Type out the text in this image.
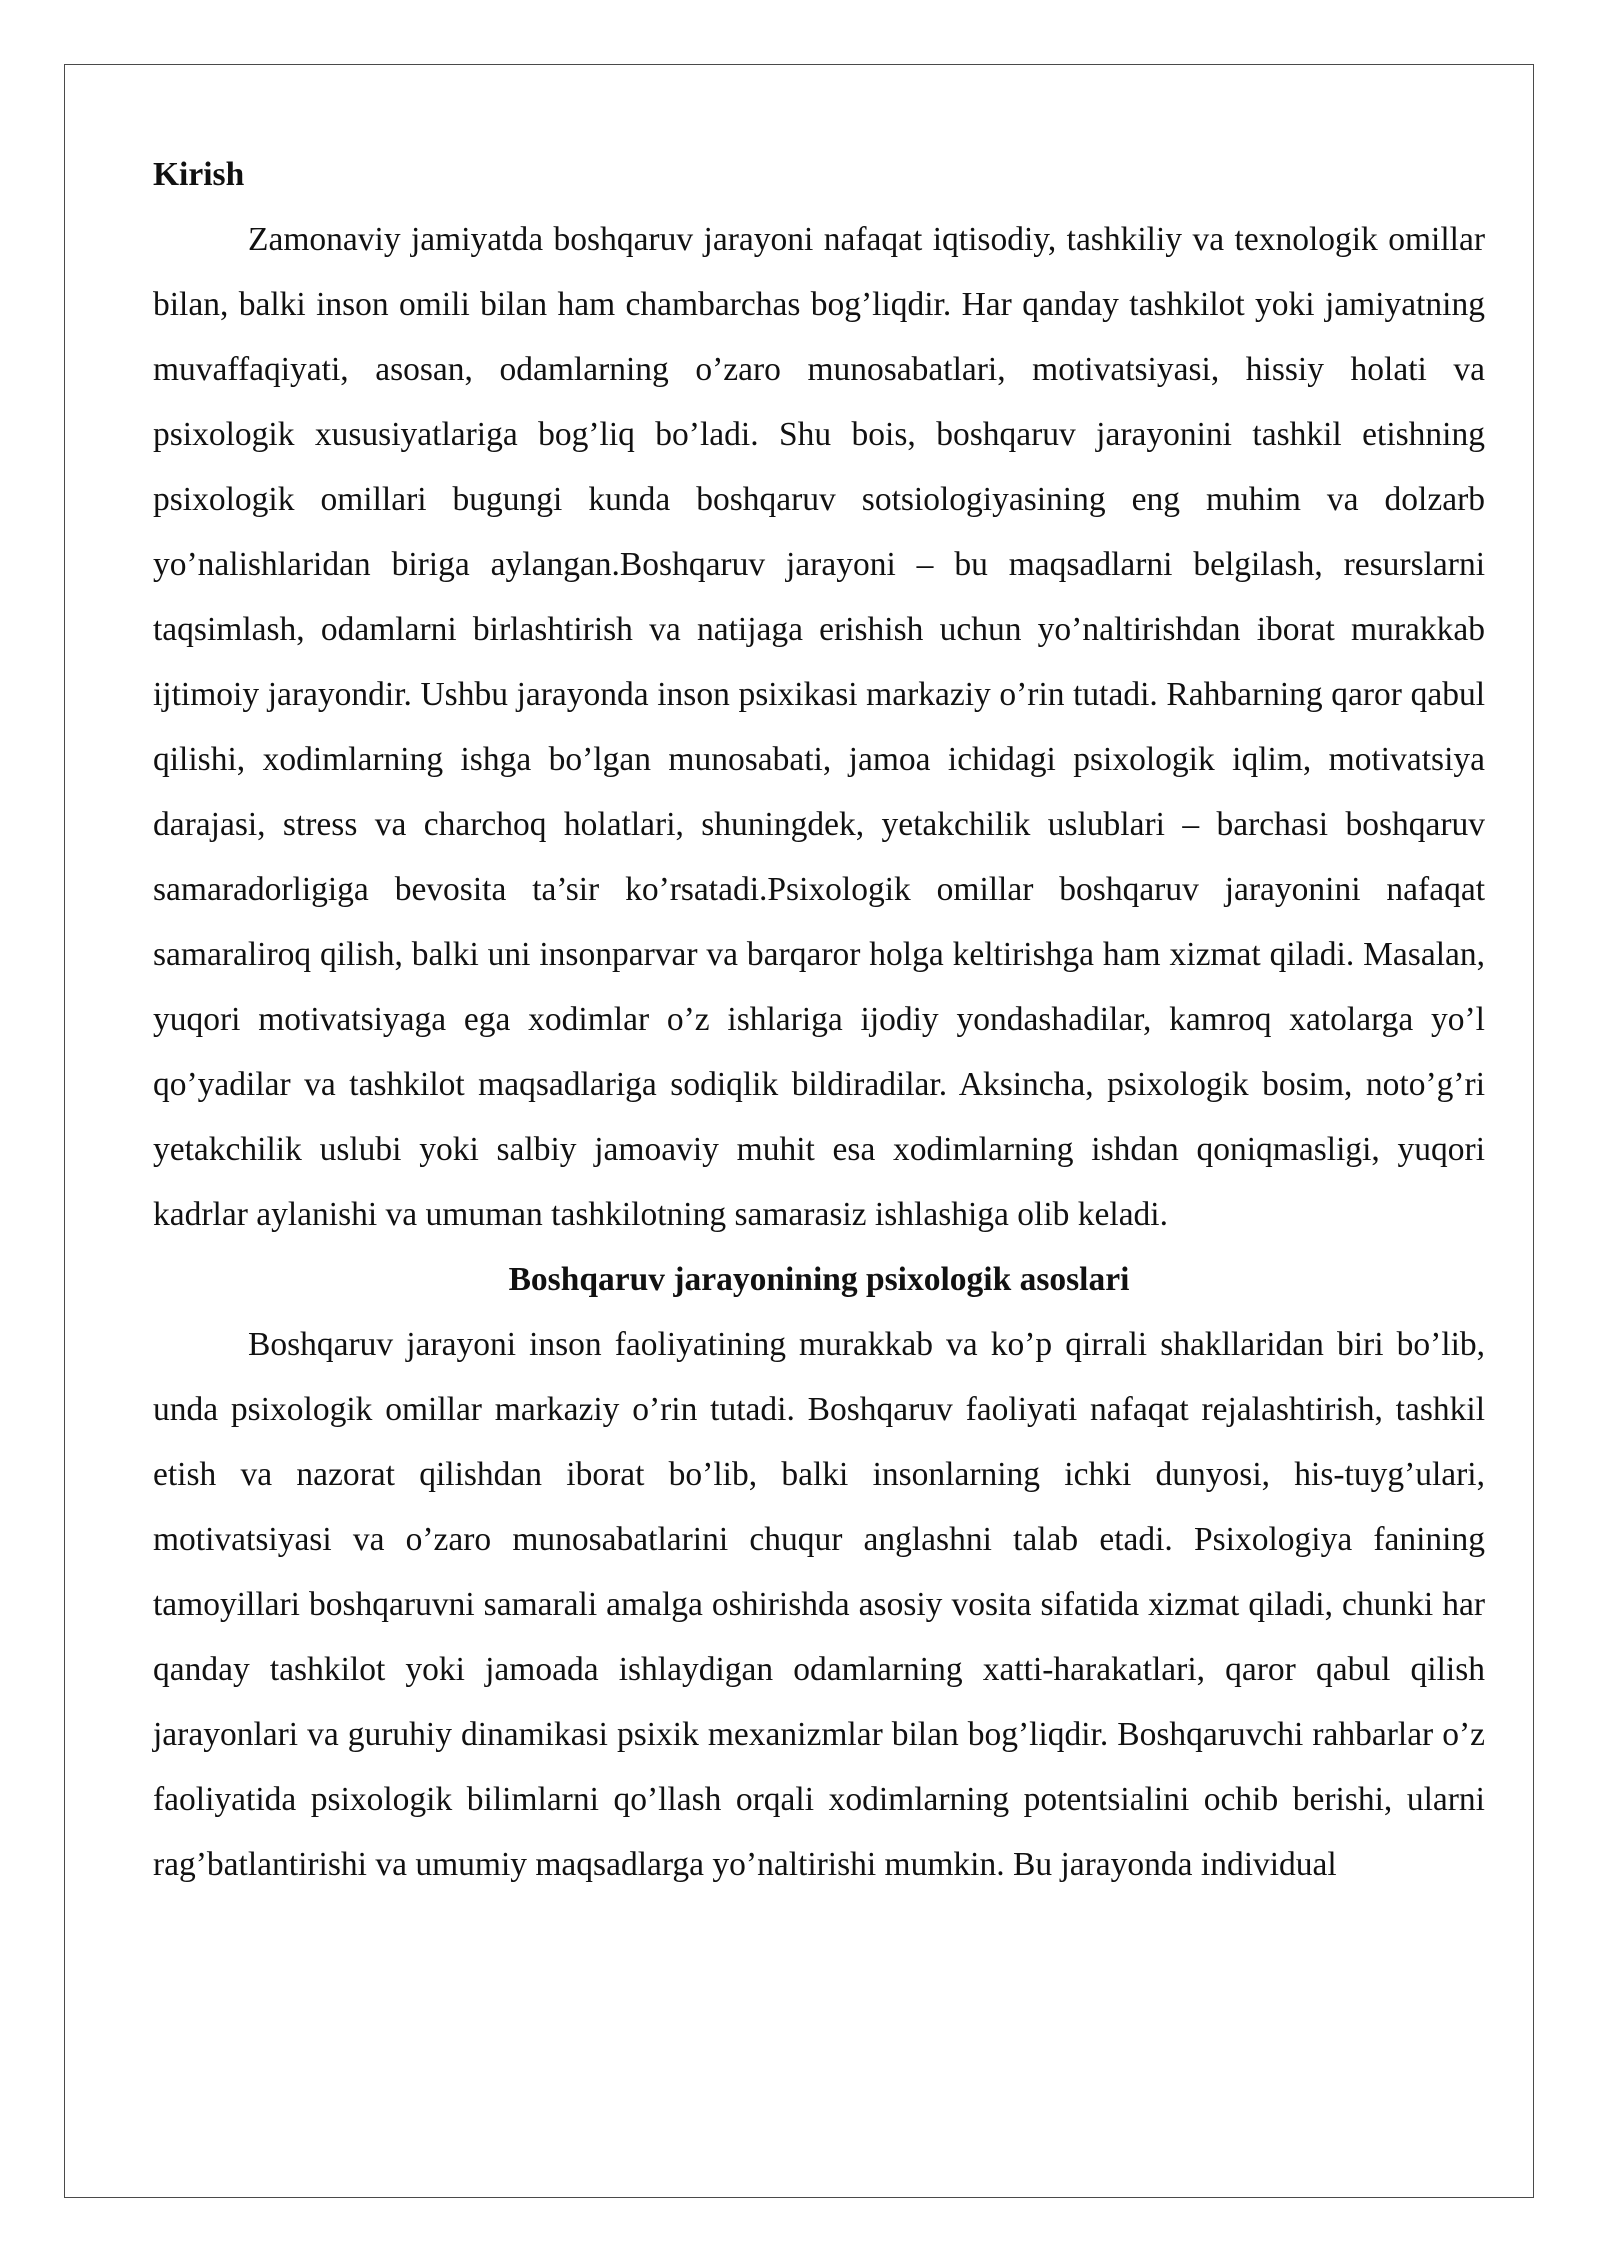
Kirish

Zamonaviy jamiyatda boshqaruv jarayoni nafaqat iqtisodiy, tashkiliy va texnologik omillar bilan, balki inson omili bilan ham chambarchas bog’liqdir. Har qanday tashkilot yoki jamiyatning muvaffaqiyati, asosan, odamlarning o’zaro munosabatlari, motivatsiyasi, hissiy holati va psixologik xususiyatlariga bog’liq bo’ladi. Shu bois, boshqaruv jarayonini tashkil etishning psixologik omillari bugungi kunda boshqaruv sotsiologiyasining eng muhim va dolzarb yo’nalishlaridan biriga aylangan.Boshqaruv jarayoni – bu maqsadlarni belgilash, resurslarni taqsimlash, odamlarni birlashtirish va natijaga erishish uchun yo’naltirishdan iborat murakkab ijtimoiy jarayondir. Ushbu jarayonda inson psixikasi markaziy o’rin tutadi. Rahbarning qaror qabul qilishi, xodimlarning ishga bo’lgan munosabati, jamoa ichidagi psixologik iqlim, motivatsiya darajasi, stress va charchoq holatlari, shuningdek, yetakchilik uslublari – barchasi boshqaruv samaradorligiga bevosita ta’sir ko’rsatadi.Psixologik omillar boshqaruv jarayonini nafaqat samaraliroq qilish, balki uni insonparvar va barqaror holga keltirishga ham xizmat qiladi. Masalan, yuqori motivatsiyaga ega xodimlar o’z ishlariga ijodiy yondashadilar, kamroq xatolarga yo’l qo’yadilar va tashkilot maqsadlariga sodiqlik bildiradilar. Aksincha, psixologik bosim, noto’g’ri yetakchilik uslubi yoki salbiy jamoaviy muhit esa xodimlarning ishdan qoniqmasligi, yuqori kadrlar aylanishi va umuman tashkilotning samarasiz ishlashiga olib keladi.

Boshqaruv jarayonining psixologik asoslari

Boshqaruv jarayoni inson faoliyatining murakkab va ko’p qirrali shakllaridan biri bo’lib, unda psixologik omillar markaziy o’rin tutadi. Boshqaruv faoliyati nafaqat rejalashtirish, tashkil etish va nazorat qilishdan iborat bo’lib, balki insonlarning ichki dunyosi, his-tuyg’ulari, motivatsiyasi va o’zaro munosabatlarini chuqur anglashni talab etadi. Psixologiya fanining tamoyillari boshqaruvni samarali amalga oshirishda asosiy vosita sifatida xizmat qiladi, chunki har qanday tashkilot yoki jamoada ishlaydigan odamlarning xatti-harakatlari, qaror qabul qilish jarayonlari va guruhiy dinamikasi psixik mexanizmlar bilan bog’liqdir. Boshqaruvchi rahbarlar o’z faoliyatida psixologik bilimlarni qo’llash orqali xodimlarning potentsialini ochib berishi, ularni rag’batlantirishi va umumiy maqsadlarga yo’naltirishi mumkin. Bu jarayonda individual
